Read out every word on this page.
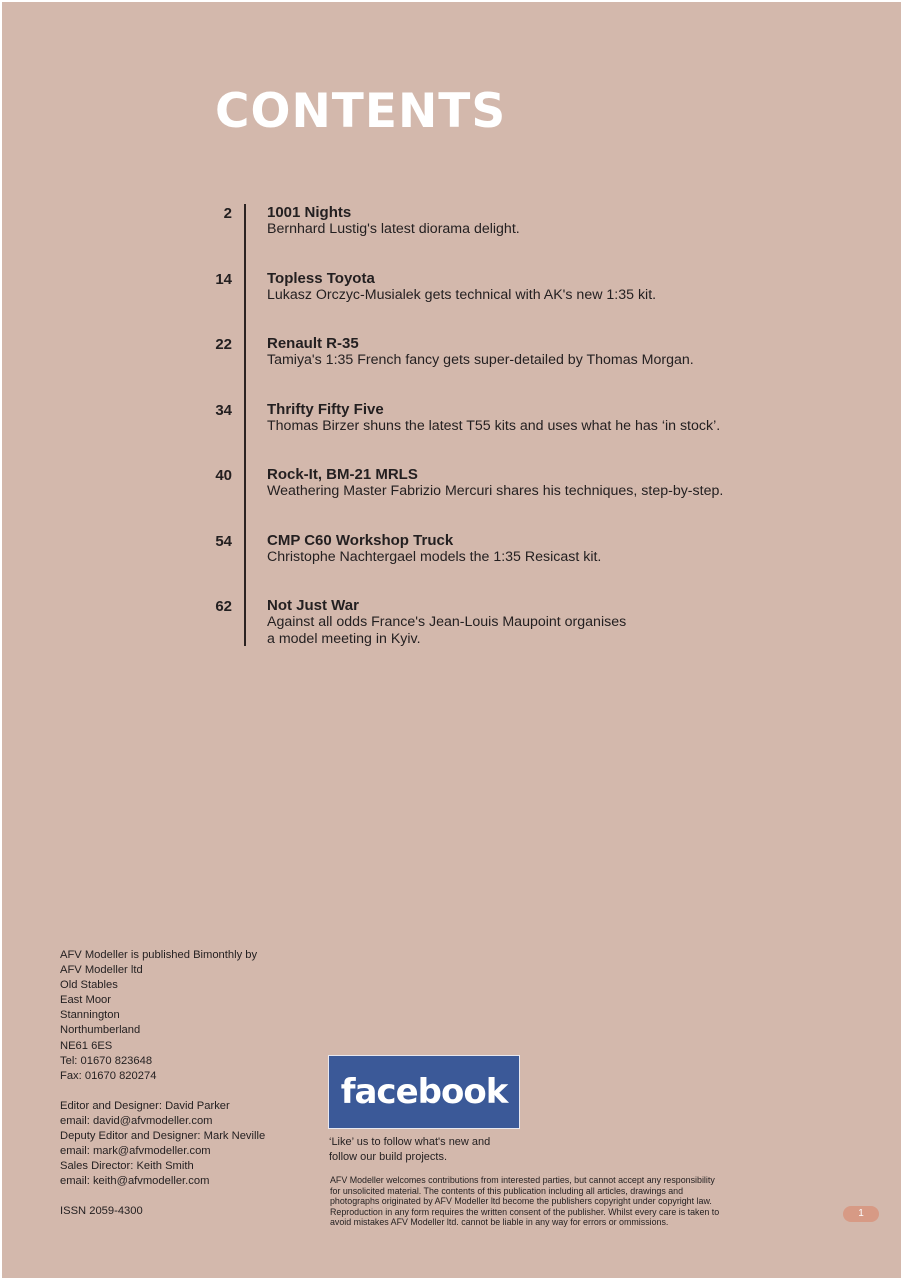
CONTENTS
2 1001 Nights
Bernhard Lustig's latest diorama delight.
14 Topless Toyota
Lukasz Orczyc-Musialek gets technical with AK's new 1:35 kit.
22 Renault R-35
Tamiya's 1:35 French fancy gets super-detailed by Thomas Morgan.
34 Thrifty Fifty Five
Thomas Birzer shuns the latest T55 kits and uses what he has ‘in stock’.
40 Rock-It, BM-21 MRLS
Weathering Master Fabrizio Mercuri shares his techniques, step-by-step.
54 CMP C60 Workshop Truck
Christophe Nachtergael models the 1:35 Resicast kit.
62 Not Just War
Against all odds France's Jean-Louis Maupoint organises
a model meeting in Kyiv.
AFV Modeller is published Bimonthly by
AFV Modeller ltd
Old Stables
East Moor
Stannington
Northumberland
NE61 6ES
Tel: 01670 823648
Fax: 01670 820274
Editor and Designer: David Parker
email: david@afvmodeller.com
Deputy Editor and Designer: Mark Neville
email: mark@afvmodeller.com
Sales Director: Keith Smith
email: keith@afvmodeller.com
ISSN 2059-4300
facebook
‘Like’ us to follow what's new and
follow our build projects.
AFV Modeller welcomes contributions from interested parties, but cannot accept any responsibility
for unsolicited material. The contents of this publication including all articles, drawings and
photographs originated by AFV Modeller ltd become the publishers copyright under copyright law.
Reproduction in any form requires the written consent of the publisher. Whilst every care is taken to
avoid mistakes AFV Modeller ltd. cannot be liable in any way for errors or ommissions.
1
